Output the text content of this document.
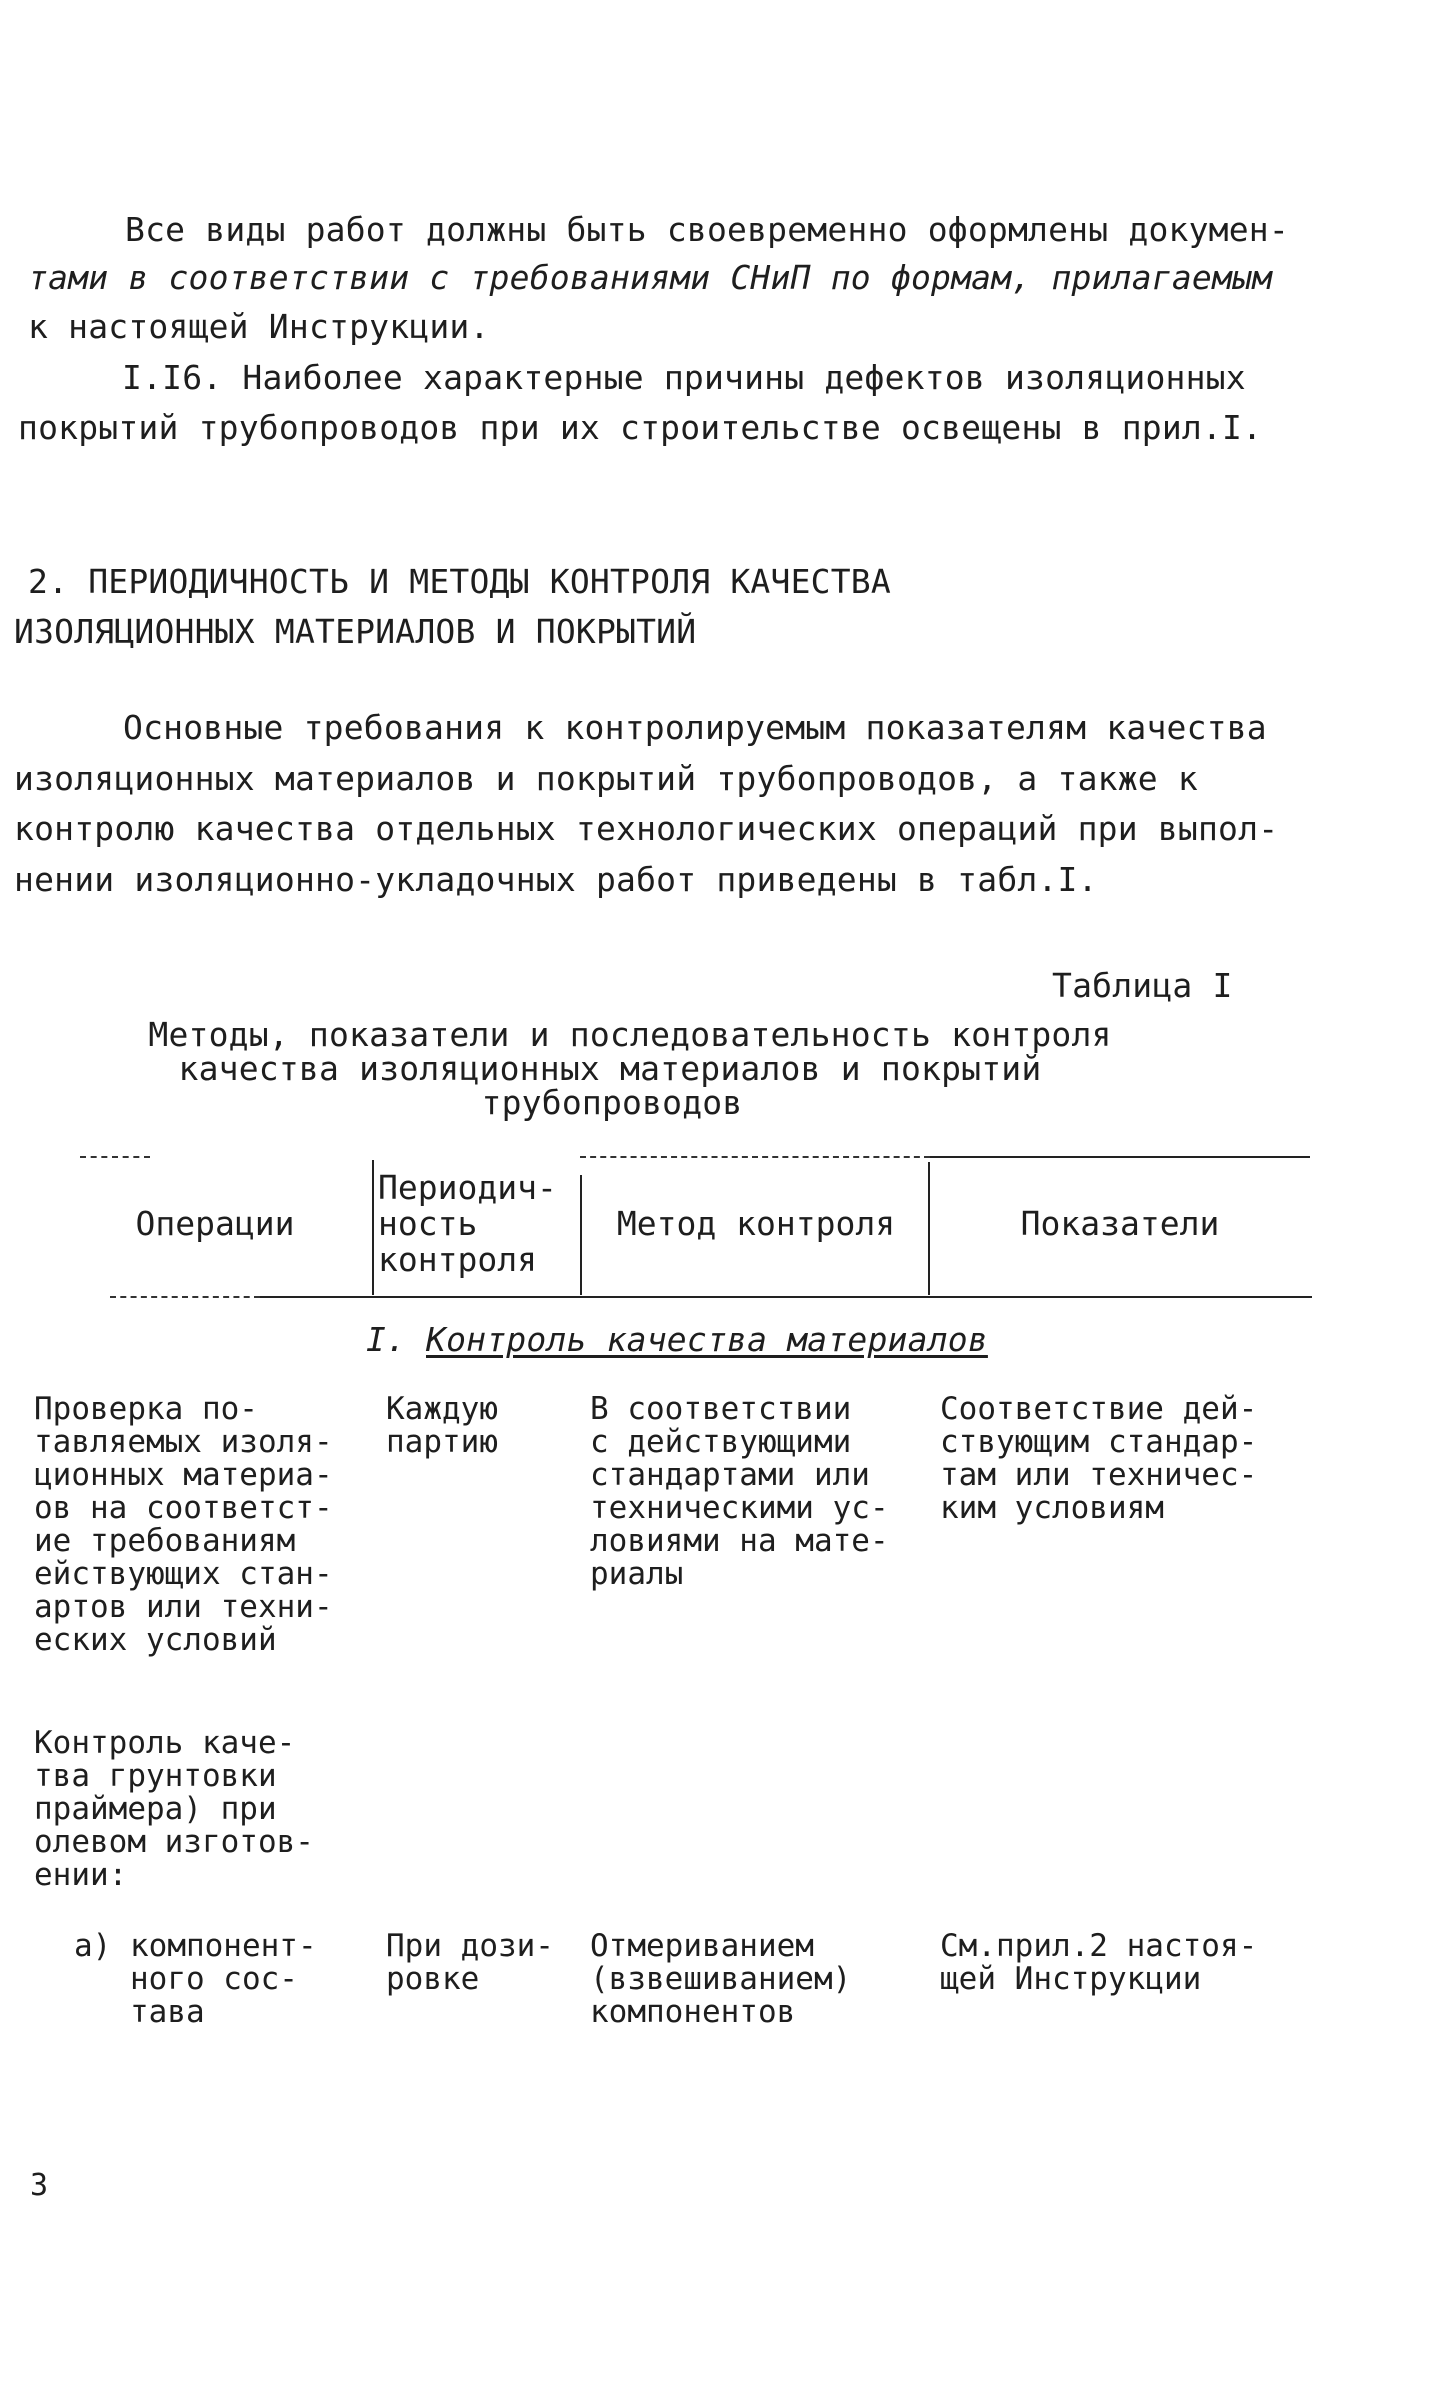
Все виды работ должны быть своевременно оформлены докумен-
тами в соответствии с требованиями СНиП по формам, прилагаемым
к настоящей Инструкции.
I.I6. Наиболее характерные причины дефектов изоляционных
покрытий трубопроводов при их строительстве освещены в прил.I.
2. ПЕРИОДИЧНОСТЬ И МЕТОДЫ КОНТРОЛЯ КАЧЕСТВА
ИЗОЛЯЦИОННЫХ МАТЕРИАЛОВ И ПОКРЫТИЙ
Основные требования к контролируемым показателям качества
изоляционных материалов и покрытий трубопроводов, а также к
контролю качества отдельных технологических операций при выпол-
нении изоляционно-укладочных работ приведены в табл.I.
Таблица I
Методы, показатели и последовательность контроля
качества изоляционных материалов и покрытий
трубопроводов
Операции
Периодич-
ность
контроля
Метод контроля	Показатели
I. Контроль качества материалов
Проверка по-
тавляемых изоля-
ционных материа-
ов на соответст-
ие требованиям
ействующих стан-
артов или техни-
еских условий
Каждую
партию
В соответствии
с действующими
стандартами или
техническими ус-
ловиями на мате-
риалы
Соответствие дей-
ствующим стандар-
там или техничес-
ким условиям
Контроль каче-
тва грунтовки
праймера) при
олевом изготов-
ении:
а) компонент-
ного сос-
тава
При дози-
ровке
Отмериванием
(взвешиванием)
компонентов
См.прил.2 настоя-
щей Инструкции
3
